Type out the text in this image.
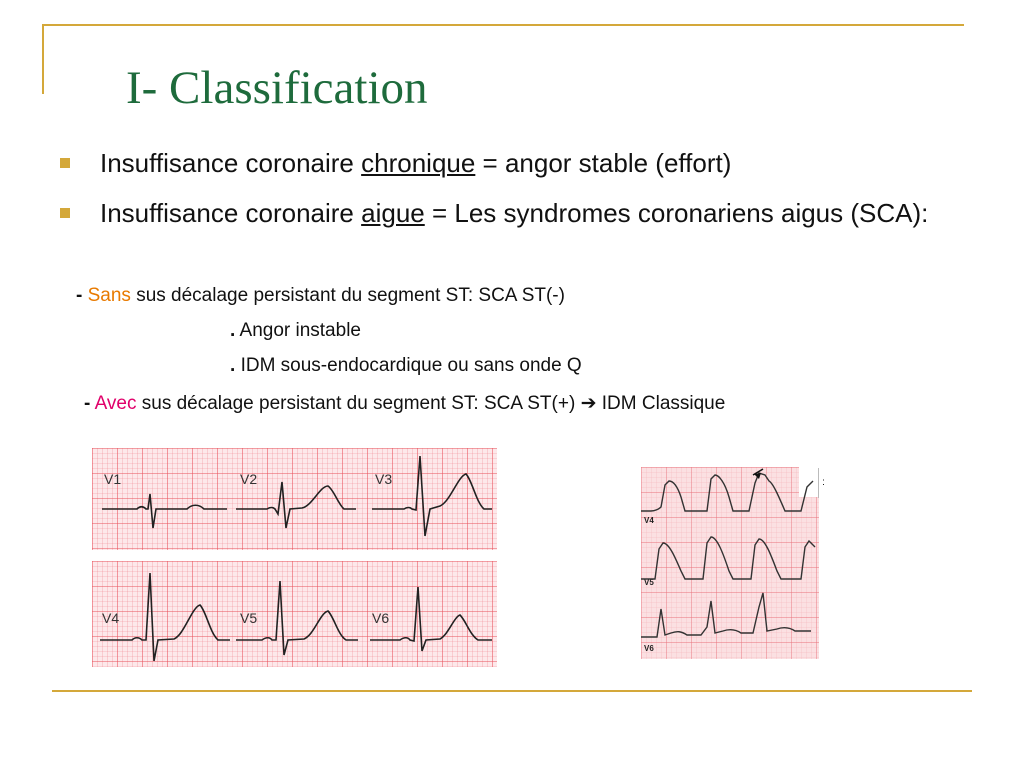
I- Classification
Insuffisance coronaire chronique = angor stable (effort)
Insuffisance coronaire aigue = Les syndromes coronariens aigus (SCA):
- Sans sus décalage persistant du segment ST: SCA ST(-)
. Angor instable
. IDM sous-endocardique ou sans onde Q
- Avec sus décalage persistant du segment ST: SCA ST(+) ➔ IDM Classique
V1	V2	V3
V4	V5	V6
V4
V5
V6
:
